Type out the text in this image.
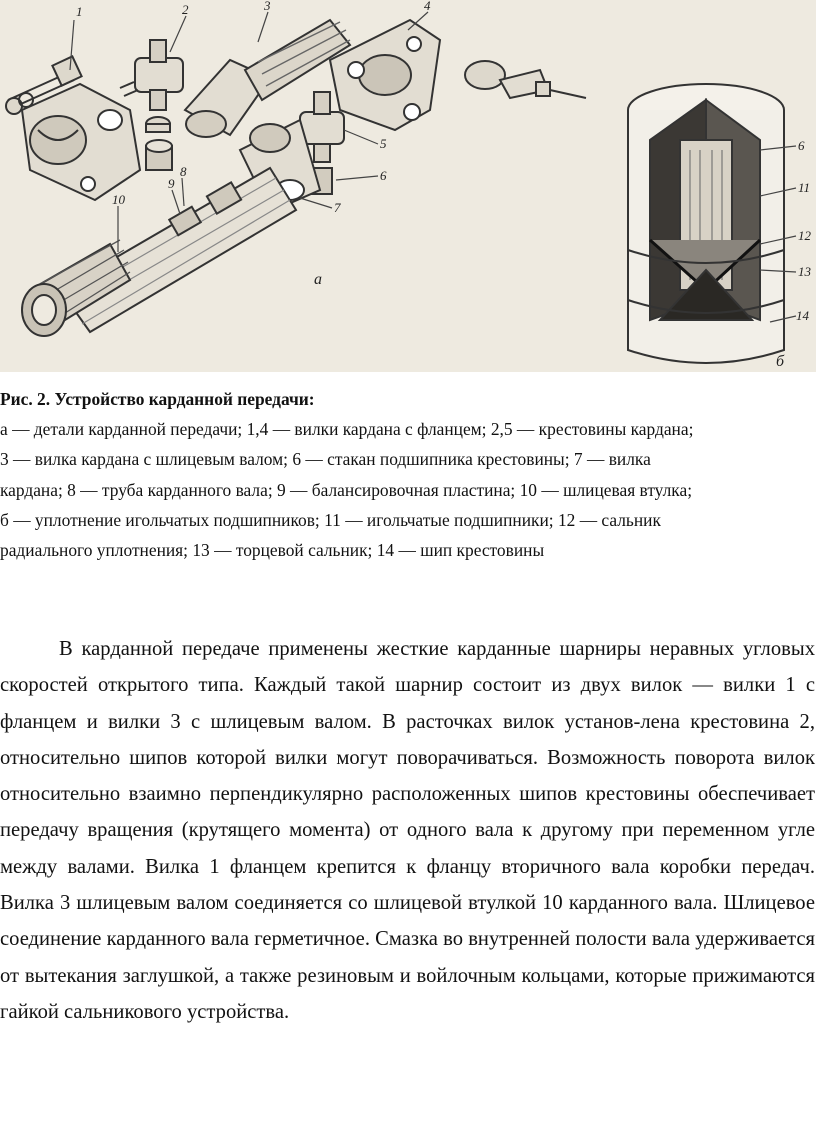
1	2	3	4
5
6
7
8
9
10
6
11
12
13
14
а
б
Рис. 2. Устройство карданной передачи:
а — детали карданной передачи; 1,4 — вилки кардана с фланцем; 2,5 — крестовины кардана;
3 — вилка кардана с шлицевым валом; 6 — стакан подшипника крестовины; 7 — вилка
кардана; 8 — труба карданного вала; 9 — балансировочная пластина; 10 — шлицевая втулка;
б — уплотнение игольчатых подшипников; 11 — игольчатые подшипники; 12 — сальник
радиального уплотнения; 13 — торцевой сальник; 14 — шип крестовины

В карданной передаче применены жесткие карданные шарниры неравных угловых скоростей открытого типа. Каждый такой шарнир состоит из двух вилок — вилки 1 с фланцем и вилки 3 с шлицевым валом. В расточках вилок установ-лена крестовина 2, относительно шипов которой вилки могут поворачиваться. Возможность поворота вилок относительно взаимно перпендикулярно расположенных шипов крестовины обеспечивает передачу вращения (крутящего момента) от одного вала к другому при переменном угле между валами. Вилка 1 фланцем крепится к фланцу вторичного вала коробки передач. Вилка 3 шлицевым валом соединяется со шлицевой втулкой 10 карданного вала. Шлицевое соединение карданного вала герметичное. Смазка во внутренней полости вала удерживается от вытекания заглушкой, а также резиновым и войлочным кольцами, которые прижимаются гайкой сальникового устройства.
